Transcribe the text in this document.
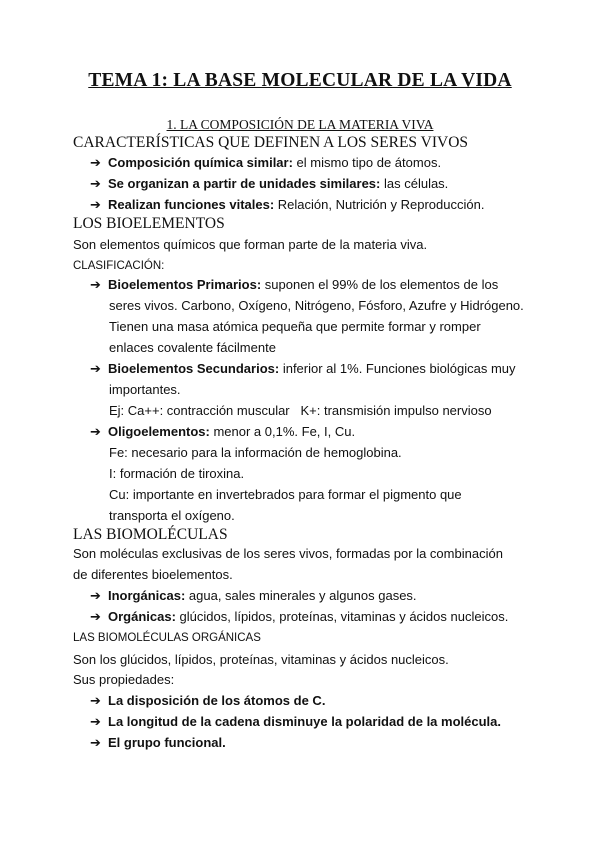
TEMA 1: LA BASE MOLECULAR DE LA VIDA
1. LA COMPOSICIÓN DE LA MATERIA VIVA
CARACTERÍSTICAS QUE DEFINEN A LOS SERES VIVOS
➔ Composición química similar: el mismo tipo de átomos.
➔ Se organizan a partir de unidades similares: las células.
➔ Realizan funciones vitales: Relación, Nutrición y Reproducción.
LOS BIOELEMENTOS
Son elementos químicos que forman parte de la materia viva.
CLASIFICACIÓN:
➔ Bioelementos Primarios: suponen el 99% de los elementos de los
seres vivos. Carbono, Oxígeno, Nitrógeno, Fósforo, Azufre y Hidrógeno.
Tienen una masa atómica pequeña que permite formar y romper
enlaces covalente fácilmente
➔ Bioelementos Secundarios: inferior al 1%. Funciones biológicas muy
importantes.
Ej: Ca++: contracción muscular   K+: transmisión impulso nervioso
➔ Oligoelementos: menor a 0,1%. Fe, I, Cu.
Fe: necesario para la información de hemoglobina.
I: formación de tiroxina.
Cu: importante en invertebrados para formar el pigmento que
transporta el oxígeno.
LAS BIOMOLÉCULAS
Son moléculas exclusivas de los seres vivos, formadas por la combinación
de diferentes bioelementos.
➔ Inorgánicas: agua, sales minerales y algunos gases.
➔ Orgánicas: glúcidos, lípidos, proteínas, vitaminas y ácidos nucleicos.
LAS BIOMOLÉCULAS ORGÁNICAS
Son los glúcidos, lípidos, proteínas, vitaminas y ácidos nucleicos.
Sus propiedades:
➔ La disposición de los átomos de C.
➔ La longitud de la cadena disminuye la polaridad de la molécula.
➔ El grupo funcional.
